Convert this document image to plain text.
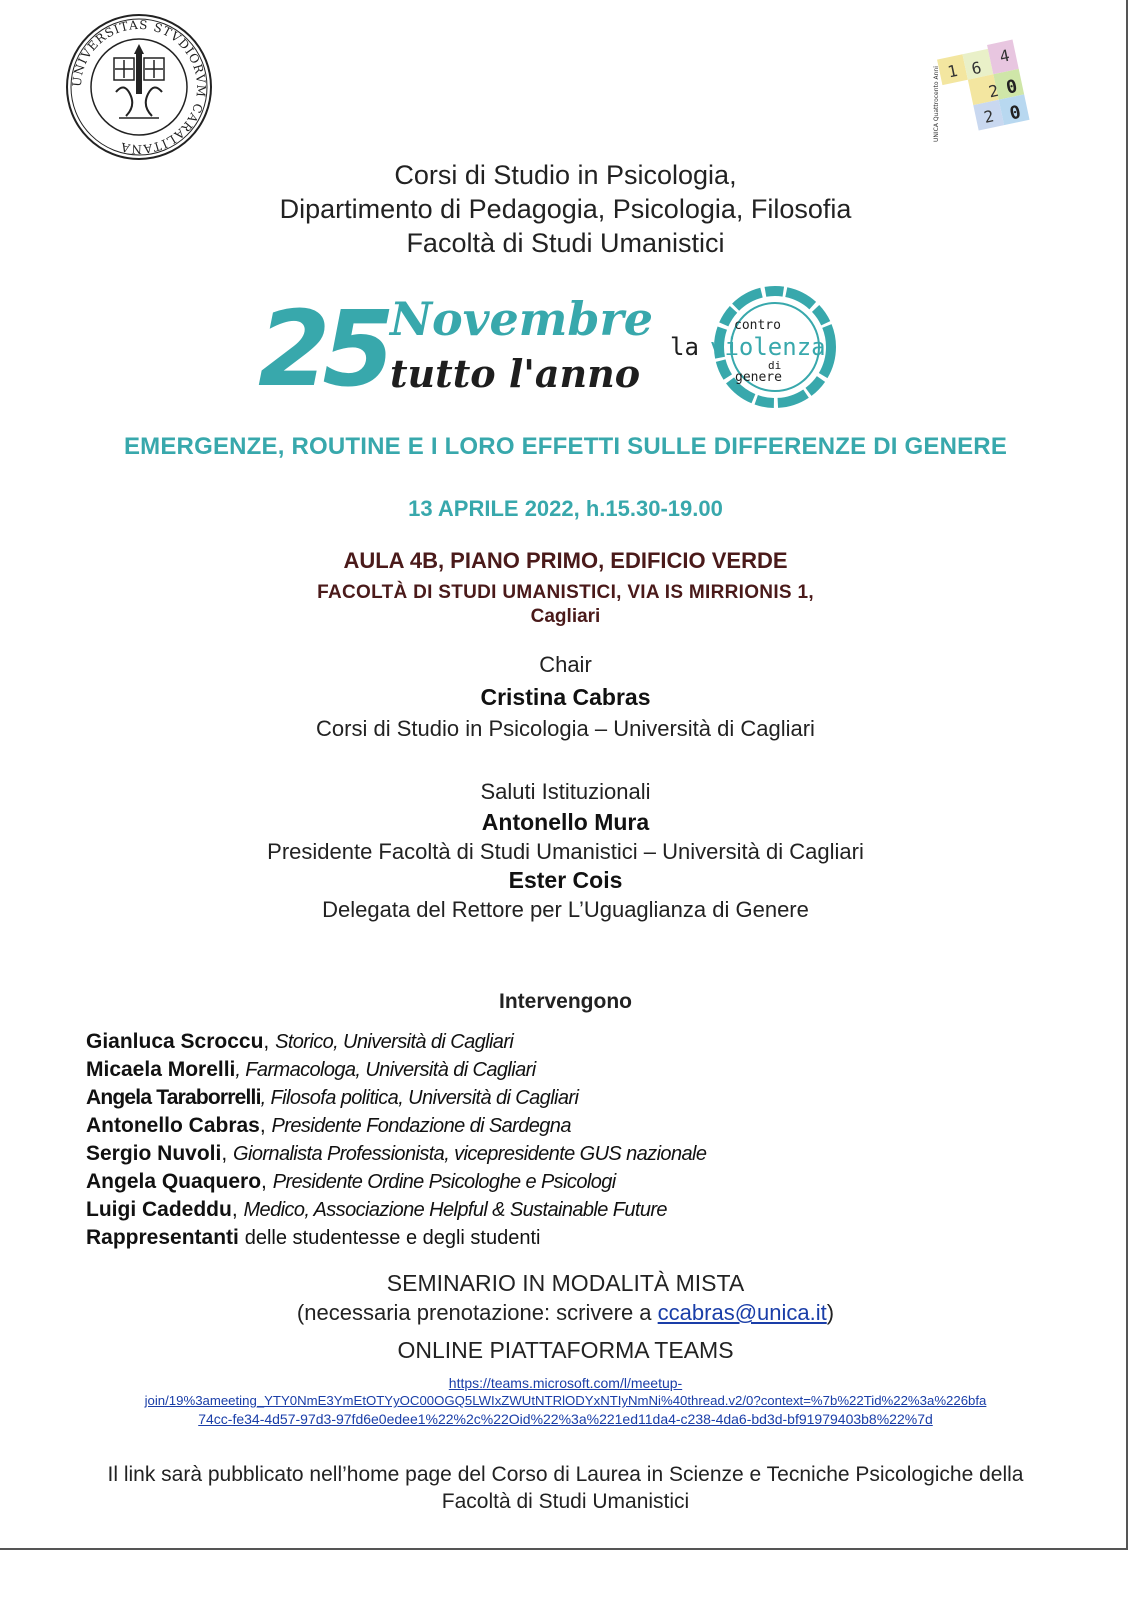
UNIVERSITAS STVDIORVM CARALITANA
1 6
2 0
4
2 0
UNICA Quattrocento Anni
Corsi di Studio in Psicologia,
Dipartimento di Pedagogia, Psicologia, Filosofia
Facoltà di Studi Umanistici
25 Novembre
tutto l'anno
la
contro
violenza
di
genere
EMERGENZE, ROUTINE E I LORO EFFETTI SULLE DIFFERENZE DI GENERE
13 APRILE 2022, h.15.30-19.00
AULA 4B, PIANO PRIMO, EDIFICIO VERDE
FACOLTÀ DI STUDI UMANISTICI, VIA IS MIRRIONIS 1,
Cagliari
Chair
Cristina Cabras
Corsi di Studio in Psicologia – Università di Cagliari
Saluti Istituzionali
Antonello Mura
Presidente Facoltà di Studi Umanistici – Università di Cagliari
Ester Cois
Delegata del Rettore per L’Uguaglianza di Genere
Intervengono
Gianluca Scroccu, Storico, Università di Cagliari
Micaela Morelli, Farmacologa, Università di Cagliari
Angela Taraborrelli, Filosofa politica, Università di Cagliari
Antonello Cabras, Presidente Fondazione di Sardegna
Sergio Nuvoli, Giornalista Professionista, vicepresidente GUS nazionale
Angela Quaquero, Presidente Ordine Psicologhe e Psicologi
Luigi Cadeddu, Medico, Associazione Helpful & Sustainable Future
Rappresentanti delle studentesse e degli studenti
SEMINARIO IN MODALITÀ MISTA
(necessaria prenotazione: scrivere a ccabras@unica.it)
ONLINE PIATTAFORMA TEAMS
https://teams.microsoft.com/l/meetup-
join/19%3ameeting_YTY0NmE3YmEtOTYyOC00OGQ5LWIxZWUtNTRlODYxNTIyNmNi%40thread.v2/0?context=%7b%22Tid%22%3a%226bfa
74cc-fe34-4d57-97d3-97fd6e0edee1%22%2c%22Oid%22%3a%221ed11da4-c238-4da6-bd3d-bf91979403b8%22%7d
Il link sarà pubblicato nell’home page del Corso di Laurea in Scienze e Tecniche Psicologiche della
Facoltà di Studi Umanistici
